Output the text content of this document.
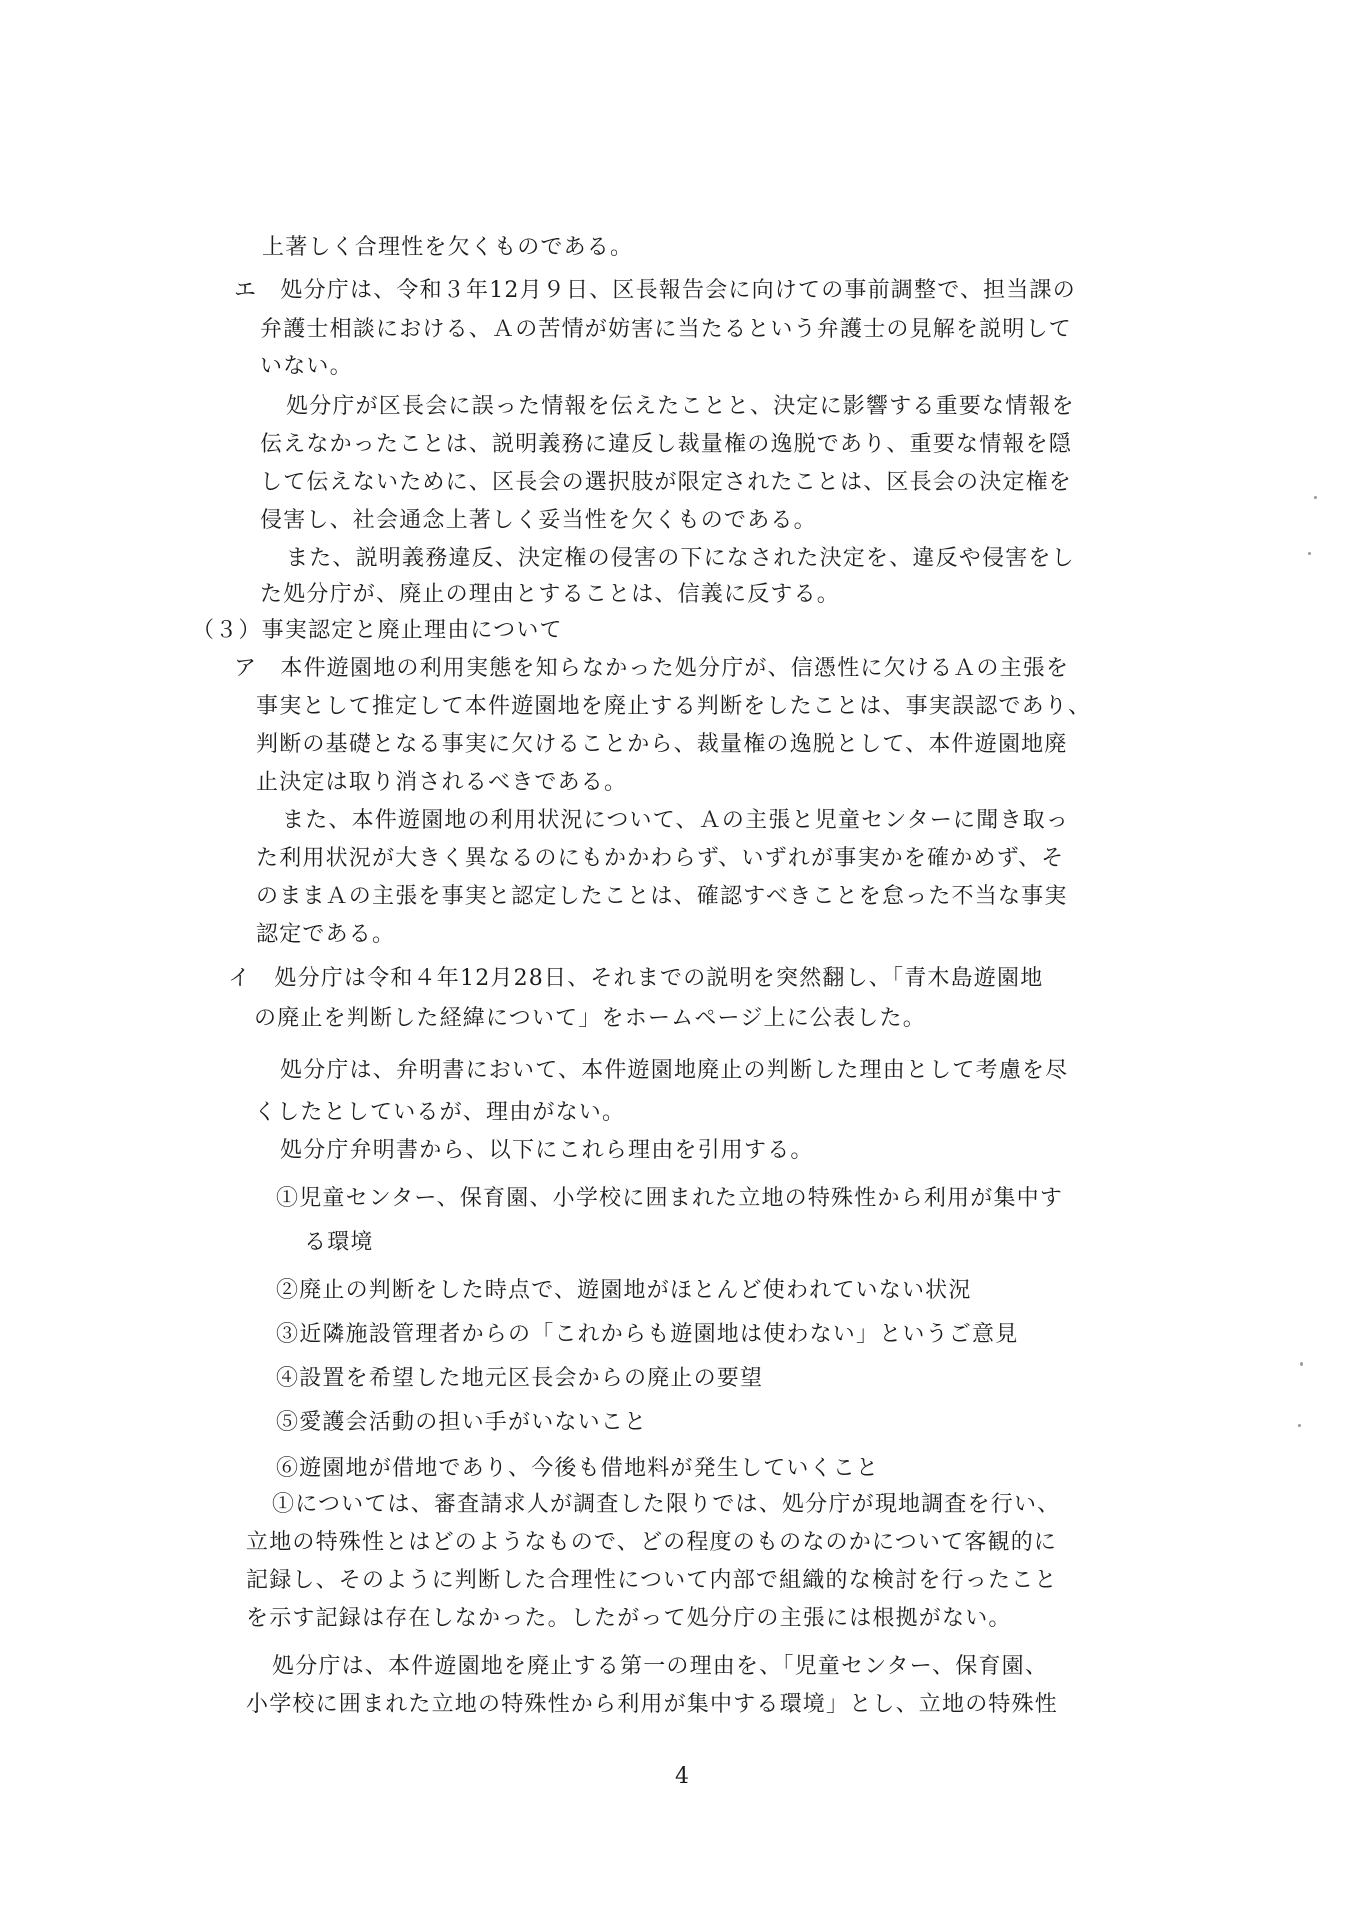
上著しく合理性を欠くものである。
エ　処分庁は、令和３年12月９日、区長報告会に向けての事前調整で、担当課の
弁護士相談における、Ａの苦情が妨害に当たるという弁護士の見解を説明して
いない。
処分庁が区長会に誤った情報を伝えたことと、決定に影響する重要な情報を
伝えなかったことは、説明義務に違反し裁量権の逸脱であり、重要な情報を隠
して伝えないために、区長会の選択肢が限定されたことは、区長会の決定権を
侵害し、社会通念上著しく妥当性を欠くものである。
また、説明義務違反、決定権の侵害の下になされた決定を、違反や侵害をし
た処分庁が、廃止の理由とすることは、信義に反する。
（３）事実認定と廃止理由について
ア　本件遊園地の利用実態を知らなかった処分庁が、信憑性に欠けるＡの主張を
事実として推定して本件遊園地を廃止する判断をしたことは、事実誤認であり、
判断の基礎となる事実に欠けることから、裁量権の逸脱として、本件遊園地廃
止決定は取り消されるべきである。
また、本件遊園地の利用状況について、Ａの主張と児童センターに聞き取っ
た利用状況が大きく異なるのにもかかわらず、いずれが事実かを確かめず、そ
のままＡの主張を事実と認定したことは、確認すべきことを怠った不当な事実
認定である。
イ　処分庁は令和４年12月28日、それまでの説明を突然翻し、「青木島遊園地
の廃止を判断した経緯について」をホームページ上に公表した。
処分庁は、弁明書において、本件遊園地廃止の判断した理由として考慮を尽
くしたとしているが、理由がない。
処分庁弁明書から、以下にこれら理由を引用する。
①児童センター、保育園、小学校に囲まれた立地の特殊性から利用が集中す
る環境
②廃止の判断をした時点で、遊園地がほとんど使われていない状況
③近隣施設管理者からの「これからも遊園地は使わない」というご意見
④設置を希望した地元区長会からの廃止の要望
⑤愛護会活動の担い手がいないこと
⑥遊園地が借地であり、今後も借地料が発生していくこと
①については、審査請求人が調査した限りでは、処分庁が現地調査を行い、
立地の特殊性とはどのようなもので、どの程度のものなのかについて客観的に
記録し、そのように判断した合理性について内部で組織的な検討を行ったこと
を示す記録は存在しなかった。したがって処分庁の主張には根拠がない。
処分庁は、本件遊園地を廃止する第一の理由を、「児童センター、保育園、
小学校に囲まれた立地の特殊性から利用が集中する環境」とし、立地の特殊性
4
